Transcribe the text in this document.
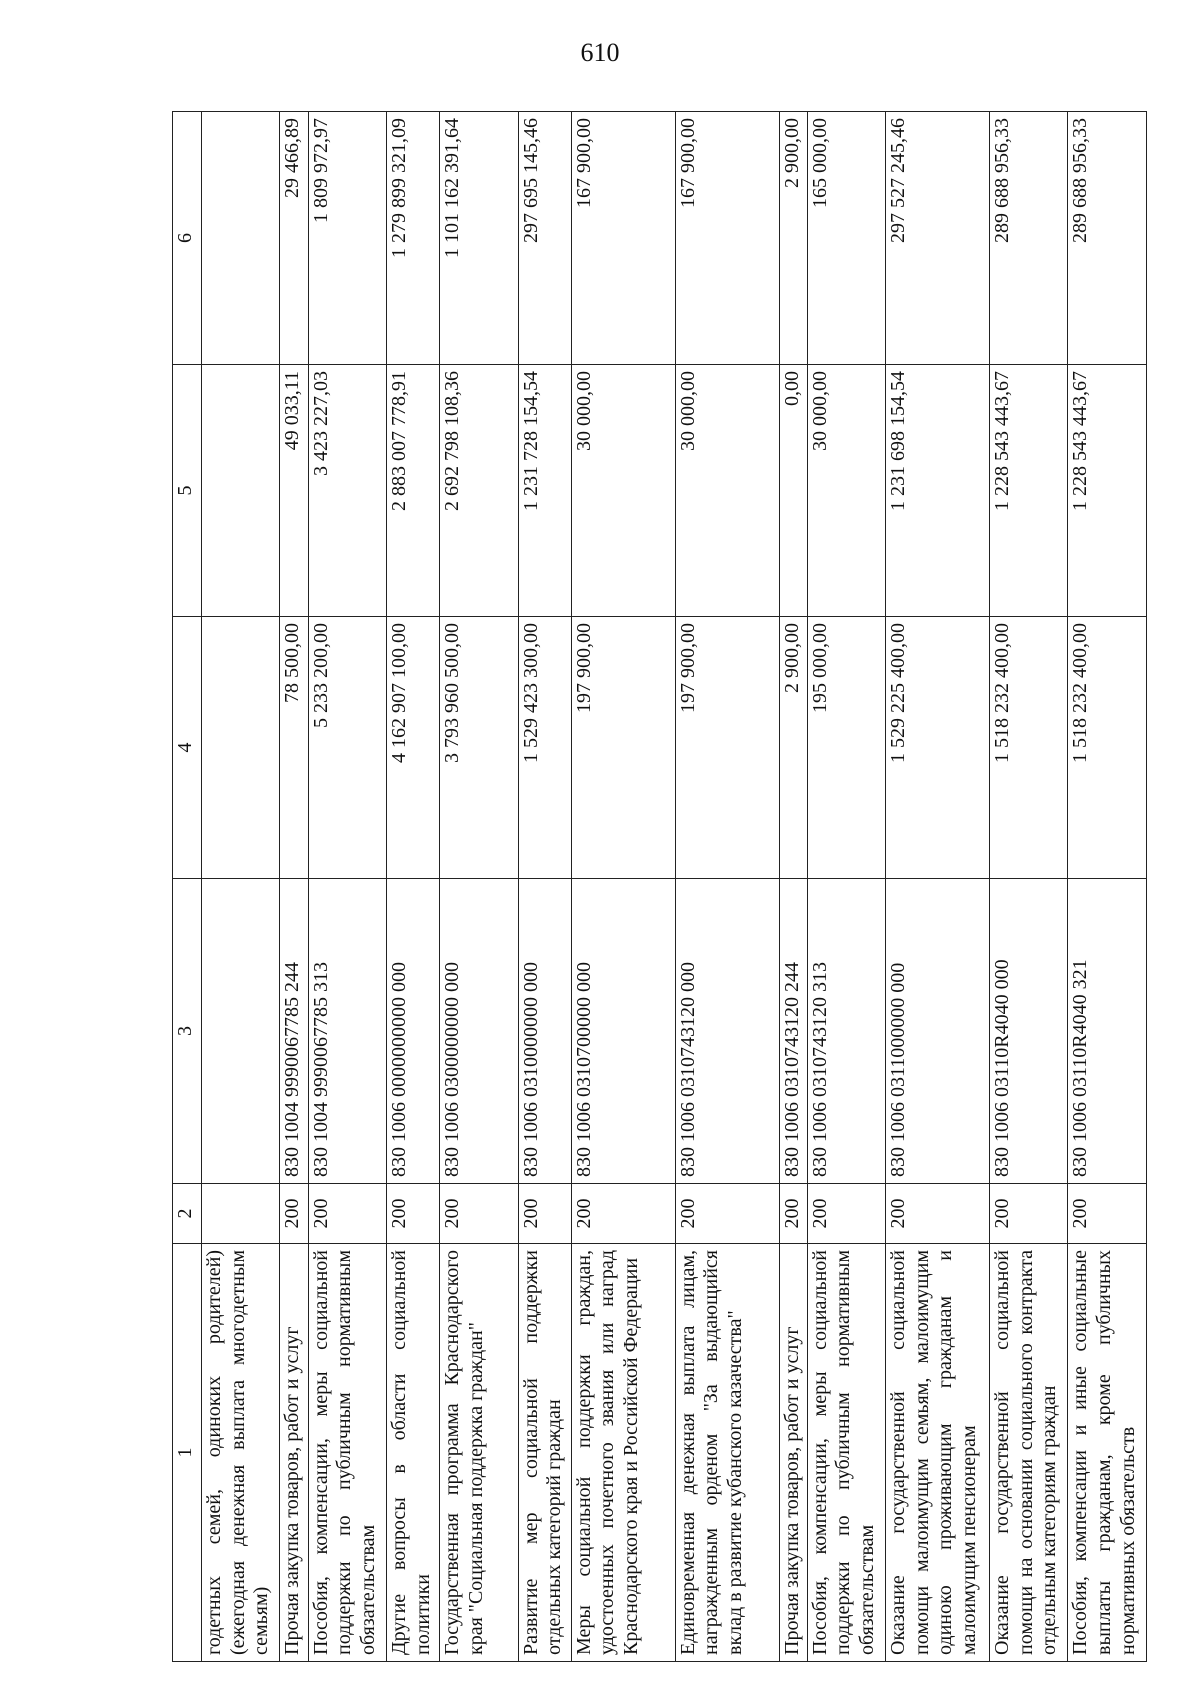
610
1	2	3	4	5	6
годетных семей, одиноких родителей) (ежегодная денежная выплата многодетным семьям)					
Прочая закупка товаров, работ и услуг	200	830 1004 9990067785 244	78 500,00	49 033,11	29 466,89
Пособия, компенсации, меры социальной поддержки по публичным нормативным обязательствам	200	830 1004 9990067785 313	5 233 200,00	3 423 227,03	1 809 972,97
Другие вопросы в области социальной политики	200	830 1006 0000000000 000	4 162 907 100,00	2 883 007 778,91	1 279 899 321,09
Государственная программа Краснодарского края "Социальная поддержка граждан"	200	830 1006 0300000000 000	3 793 960 500,00	2 692 798 108,36	1 101 162 391,64
Развитие мер социальной поддержки отдельных категорий граждан	200	830 1006 0310000000 000	1 529 423 300,00	1 231 728 154,54	297 695 145,46
Меры социальной поддержки граждан, удостоенных почетного звания или наград Краснодарского края и Российской Федерации	200	830 1006 0310700000 000	197 900,00	30 000,00	167 900,00
Единовременная денежная выплата лицам, награжденным орденом "За выдающийся вклад в развитие кубанского казачества"	200	830 1006 0310743120 000	197 900,00	30 000,00	167 900,00
Прочая закупка товаров, работ и услуг	200	830 1006 0310743120 244	2 900,00	0,00	2 900,00
Пособия, компенсации, меры социальной поддержки по публичным нормативным обязательствам	200	830 1006 0310743120 313	195 000,00	30 000,00	165 000,00
Оказание государственной социальной помощи малоимущим семьям, малоимущим одиноко проживающим гражданам и малоимущим пенсионерам	200	830 1006 0311000000 000	1 529 225 400,00	1 231 698 154,54	297 527 245,46
Оказание государственной социальной помощи на основании социального контракта отдельным категориям граждан	200	830 1006 03110R4040 000	1 518 232 400,00	1 228 543 443,67	289 688 956,33
Пособия, компенсации и иные социальные выплаты гражданам, кроме публичных нормативных обязательств	200	830 1006 03110R4040 321	1 518 232 400,00	1 228 543 443,67	289 688 956,33
